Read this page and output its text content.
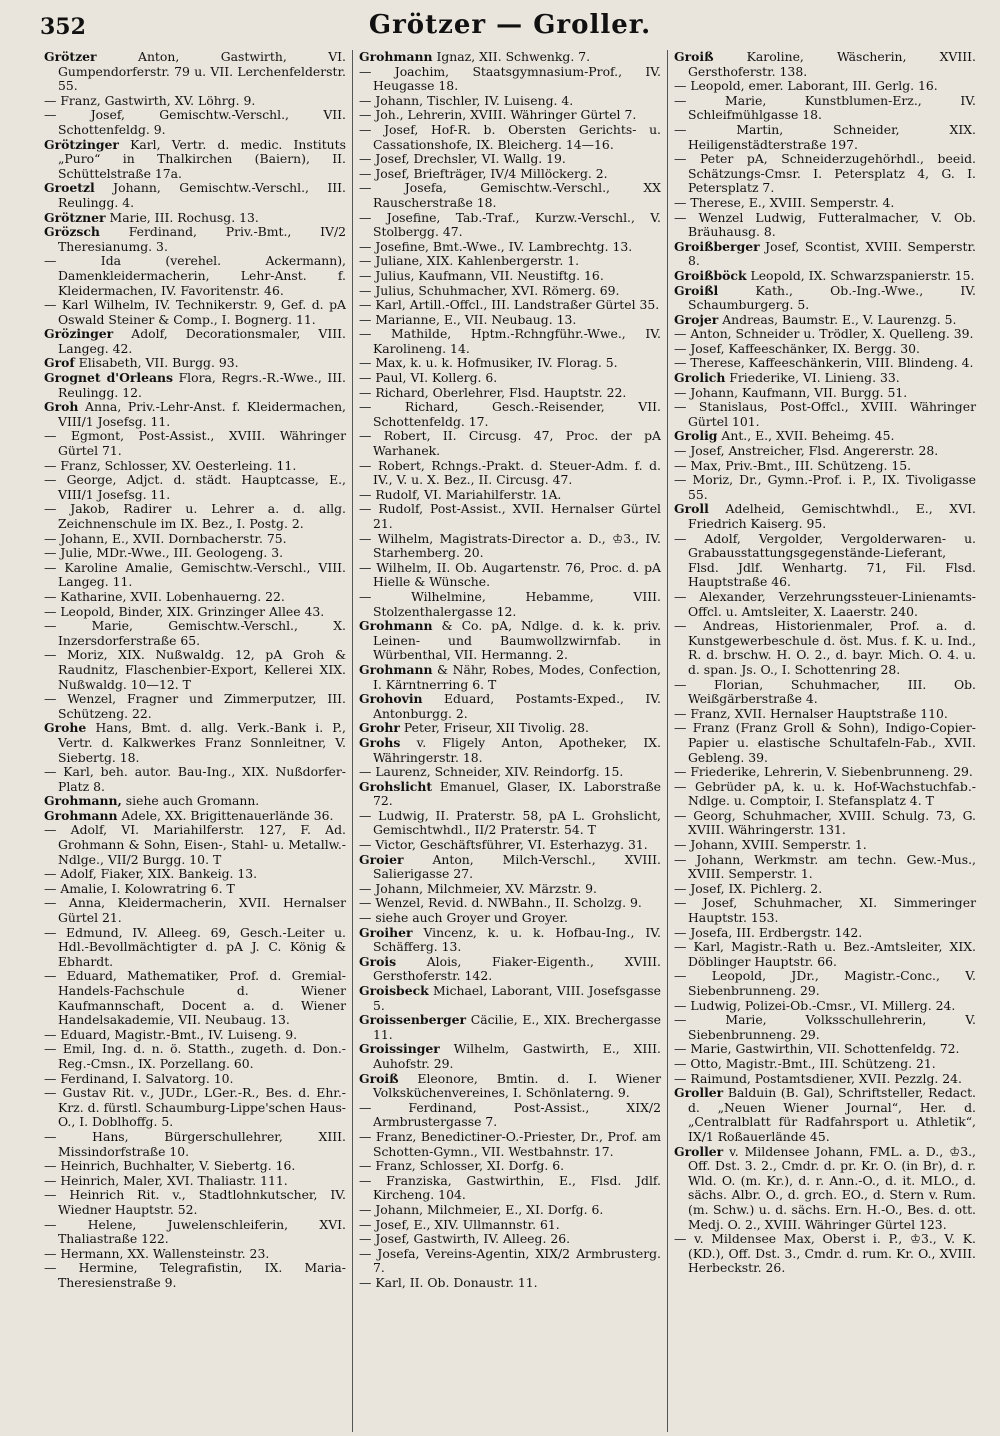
352	Grötzer — Groller.
Grötzer Anton, Gastwirth, VI. Gumpendorferstr. 79 u. VII. Lerchenfelderstr. 55.
— Franz, Gastwirth, XV. Löhrg. 9.
— Josef, Gemischtw.-Verschl., VII. Schottenfeldg. 9.
Grötzinger Karl, Vertr. d. medic. Instituts „Puro“ in Thalkirchen (Baiern), II. Schüttelstraße 17a.
Groetzl Johann, Gemischtw.-Verschl., III. Reulingg. 4.
Grötzner Marie, III. Rochusg. 13.
Grözsch Ferdinand, Priv.-Bmt., IV/2 Theresianumg. 3.
— Ida (verehel. Ackermann), Damenkleidermacherin, Lehr-Anst. f. Kleidermachen, IV. Favoritenstr. 46.
— Karl Wilhelm, IV. Technikerstr. 9, Gef. d. pA Oswald Steiner & Comp., I. Bognerg. 11.
Grözinger Adolf, Decorationsmaler, VIII. Langeg. 42.
Grof Elisabeth, VII. Burgg. 93.
Grognet d'Orleans Flora, Regrs.-R.-Wwe., III. Reulingg. 12.
Groh Anna, Priv.-Lehr-Anst. f. Kleidermachen, VIII/1 Josefsg. 11.
— Egmont, Post-Assist., XVIII. Währinger Gürtel 71.
— Franz, Schlosser, XV. Oesterleing. 11.
— George, Adjct. d. städt. Hauptcasse, E., VIII/1 Josefsg. 11.
— Jakob, Radirer u. Lehrer a. d. allg. Zeichnenschule im IX. Bez., I. Postg. 2.
— Johann, E., XVII. Dornbacherstr. 75.
— Julie, MDr.-Wwe., III. Geologeng. 3.
— Karoline Amalie, Gemischtw.-Verschl., VIII. Langeg. 11.
— Katharine, XVII. Lobenhauerng. 22.
— Leopold, Binder, XIX. Grinzinger Allee 43.
— Marie, Gemischtw.-Verschl., X. Inzersdorferstraße 65.
— Moriz, XIX. Nußwaldg. 12, pA Groh & Raudnitz, Flaschenbier-Export, Kellerei XIX. Nußwaldg. 10—12. T
— Wenzel, Fragner und Zimmerputzer, III. Schützeng. 22.
Grohe Hans, Bmt. d. allg. Verk.-Bank i. P., Vertr. d. Kalkwerkes Franz Sonnleitner, V. Siebertg. 18.
— Karl, beh. autor. Bau-Ing., XIX. Nußdorfer-Platz 8.
Grohmann, siehe auch Gromann.
Grohmann Adele, XX. Brigittenauerlände 36.
— Adolf, VI. Mariahilferstr. 127, F. Ad. Grohmann & Sohn, Eisen-, Stahl- u. Metallw.-Ndlge., VII/2 Burgg. 10. T
— Adolf, Fiaker, XIX. Bankeig. 13.
— Amalie, I. Kolowratring 6. T
— Anna, Kleidermacherin, XVII. Hernalser Gürtel 21.
— Edmund, IV. Alleeg. 69, Gesch.-Leiter u. Hdl.-Bevollmächtigter d. pA J. C. König & Ebhardt.
— Eduard, Mathematiker, Prof. d. Gremial-Handels-Fachschule d. Wiener Kaufmannschaft, Docent a. d. Wiener Handelsakademie, VII. Neubaug. 13.
— Eduard, Magistr.-Bmt., IV. Luiseng. 9.
— Emil, Ing. d. n. ö. Statth., zugeth. d. Don.-Reg.-Cmsn., IX. Porzellang. 60.
— Ferdinand, I. Salvatorg. 10.
— Gustav Rit. v., JUDr., LGer.-R., Bes. d. Ehr.-Krz. d. fürstl. Schaumburg-Lippe'schen Haus-O., I. Doblhoffg. 5.
— Hans, Bürgerschullehrer, XIII. Missindorfstraße 10.
— Heinrich, Buchhalter, V. Siebertg. 16.
— Heinrich, Maler, XVI. Thaliastr. 111.
— Heinrich Rit. v., Stadtlohnkutscher, IV. Wiedner Hauptstr. 52.
— Helene, Juwelenschleiferin, XVI. Thaliastraße 122.
— Hermann, XX. Wallensteinstr. 23.
— Hermine, Telegrafistin, IX. Maria-Theresienstraße 9.
Grohmann Ignaz, XII. Schwenkg. 7.
— Joachim, Staatsgymnasium-Prof., IV. Heugasse 18.
— Johann, Tischler, IV. Luiseng. 4.
— Joh., Lehrerin, XVIII. Währinger Gürtel 7.
— Josef, Hof-R. b. Obersten Gerichts- u. Cassationshofe, IX. Bleicherg. 14—16.
— Josef, Drechsler, VI. Wallg. 19.
— Josef, Briefträger, IV/4 Millöckerg. 2.
— Josefa, Gemischtw.-Verschl., XX Rauscherstraße 18.
— Josefine, Tab.-Traf., Kurzw.-Verschl., V. Stolbergg. 47.
— Josefine, Bmt.-Wwe., IV. Lambrechtg. 13.
— Juliane, XIX. Kahlenbergerstr. 1.
— Julius, Kaufmann, VII. Neustiftg. 16.
— Julius, Schuhmacher, XVI. Römerg. 69.
— Karl, Artill.-Offcl., III. Landstraßer Gürtel 35.
— Marianne, E., VII. Neubaug. 13.
— Mathilde, Hptm.-Rchngführ.-Wwe., IV. Karolineng. 14.
— Max, k. u. k. Hofmusiker, IV. Florag. 5.
— Paul, VI. Kollerg. 6.
— Richard, Oberlehrer, Flsd. Hauptstr. 22.
— Richard, Gesch.-Reisender, VII. Schottenfeldg. 17.
— Robert, II. Circusg. 47, Proc. der pA Warhanek.
— Robert, Rchngs.-Prakt. d. Steuer-Adm. f. d. IV., V. u. X. Bez., II. Circusg. 47.
— Rudolf, VI. Mariahilferstr. 1A.
— Rudolf, Post-Assist., XVII. Hernalser Gürtel 21.
— Wilhelm, Magistrats-Director a. D., ♔3., IV. Starhemberg. 20.
— Wilhelm, II. Ob. Augartenstr. 76, Proc. d. pA Hielle & Wünsche.
— Wilhelmine, Hebamme, VIII. Stolzenthalergasse 12.
Grohmann & Co. pA, Ndlge. d. k. k. priv. Leinen- und Baumwollzwirnfab. in Würbenthal, VII. Hermanng. 2.
Grohmann & Nähr, Robes, Modes, Confection, I. Kärntnerring 6. T
Grohovin Eduard, Postamts-Exped., IV. Antonburgg. 2.
Grohr Peter, Friseur, XII Tivolig. 28.
Grohs v. Fligely Anton, Apotheker, IX. Währingerstr. 18.
— Laurenz, Schneider, XIV. Reindorfg. 15.
Grohslicht Emanuel, Glaser, IX. Laborstraße 72.
— Ludwig, II. Praterstr. 58, pA L. Grohslicht, Gemischtwhdl., II/2 Praterstr. 54. T
— Victor, Geschäftsführer, VI. Esterhazyg. 31.
Groier Anton, Milch-Verschl., XVIII. Salierigasse 27.
— Johann, Milchmeier, XV. Märzstr. 9.
— Wenzel, Revid. d. NWBahn., II. Scholzg. 9.
— siehe auch Groyer und Groyer.
Groiher Vincenz, k. u. k. Hofbau-Ing., IV. Schäfferg. 13.
Grois Alois, Fiaker-Eigenth., XVIII. Gersthoferstr. 142.
Groisbeck Michael, Laborant, VIII. Josefsgasse 5.
Groissenberger Cäcilie, E., XIX. Brechergasse 11.
Groissinger Wilhelm, Gastwirth, E., XIII. Auhofstr. 29.
Groiß Eleonore, Bmtin. d. I. Wiener Volksküchenvereines, I. Schönlaterng. 9.
— Ferdinand, Post-Assist., XIX/2 Armbrustergasse 7.
— Franz, Benedictiner-O.-Priester, Dr., Prof. am Schotten-Gymn., VII. Westbahnstr. 17.
— Franz, Schlosser, XI. Dorfg. 6.
— Franziska, Gastwirthin, E., Flsd. Jdlf. Kircheng. 104.
— Johann, Milchmeier, E., XI. Dorfg. 6.
— Josef, E., XIV. Ullmannstr. 61.
— Josef, Gastwirth, IV. Alleeg. 26.
— Josefa, Vereins-Agentin, XIX/2 Armbrusterg. 7.
— Karl, II. Ob. Donaustr. 11.
Groiß Karoline, Wäscherin, XVIII. Gersthoferstr. 138.
— Leopold, emer. Laborant, III. Gerlg. 16.
— Marie, Kunstblumen-Erz., IV. Schleifmühlgasse 18.
— Martin, Schneider, XIX. Heiligenstädterstraße 197.
— Peter pA, Schneiderzugehörhdl., beeid. Schätzungs-Cmsr. I. Petersplatz 4, G. I. Petersplatz 7.
— Therese, E., XVIII. Semperstr. 4.
— Wenzel Ludwig, Futteralmacher, V. Ob. Bräuhausg. 8.
Groißberger Josef, Scontist, XVIII. Semperstr. 8.
Groißböck Leopold, IX. Schwarzspanierstr. 15.
Groißl Kath., Ob.-Ing.-Wwe., IV. Schaumburgerg. 5.
Grojer Andreas, Baumstr. E., V. Laurenzg. 5.
— Anton, Schneider u. Trödler, X. Quelleng. 39.
— Josef, Kaffeeschänker, IX. Bergg. 30.
— Therese, Kaffeeschänkerin, VIII. Blindeng. 4.
Grolich Friederike, VI. Linieng. 33.
— Johann, Kaufmann, VII. Burgg. 51.
— Stanislaus, Post-Offcl., XVIII. Währinger Gürtel 101.
Grolig Ant., E., XVII. Beheimg. 45.
— Josef, Anstreicher, Flsd. Angererstr. 28.
— Max, Priv.-Bmt., III. Schützeng. 15.
— Moriz, Dr., Gymn.-Prof. i. P., IX. Tivoligasse 55.
Groll Adelheid, Gemischtwhdl., E., XVI. Friedrich Kaiserg. 95.
— Adolf, Vergolder, Vergolderwaren- u. Grabausstattungsgegenstände-Lieferant, Flsd. Jdlf. Wenhartg. 71, Fil. Flsd. Hauptstraße 46.
— Alexander, Verzehrungssteuer-Linienamts-Offcl. u. Amtsleiter, X. Laaerstr. 240.
— Andreas, Historienmaler, Prof. a. d. Kunstgewerbeschule d. öst. Mus. f. K. u. Ind., R. d. brschw. H. O. 2., d. bayr. Mich. O. 4. u. d. span. Js. O., I. Schottenring 28.
— Florian, Schuhmacher, III. Ob. Weißgärberstraße 4.
— Franz, XVII. Hernalser Hauptstraße 110.
— Franz (Franz Groll & Sohn), Indigo-Copier-Papier u. elastische Schultafeln-Fab., XVII. Gebleng. 39.
— Friederike, Lehrerin, V. Siebenbrunneng. 29.
— Gebrüder pA, k. u. k. Hof-Wachstuchfab.-Ndlge. u. Comptoir, I. Stefansplatz 4. T
— Georg, Schuhmacher, XVIII. Schulg. 73, G. XVIII. Währingerstr. 131.
— Johann, XVIII. Semperstr. 1.
— Johann, Werkmstr. am techn. Gew.-Mus., XVIII. Semperstr. 1.
— Josef, IX. Pichlerg. 2.
— Josef, Schuhmacher, XI. Simmeringer Hauptstr. 153.
— Josefa, III. Erdbergstr. 142.
— Karl, Magistr.-Rath u. Bez.-Amtsleiter, XIX. Döblinger Hauptstr. 66.
— Leopold, JDr., Magistr.-Conc., V. Siebenbrunneng. 29.
— Ludwig, Polizei-Ob.-Cmsr., VI. Millerg. 24.
— Marie, Volksschullehrerin, V. Siebenbrunneng. 29.
— Marie, Gastwirthin, VII. Schottenfeldg. 72.
— Otto, Magistr.-Bmt., III. Schützeng. 21.
— Raimund, Postamtsdiener, XVII. Pezzlg. 24.
Groller Balduin (B. Gal), Schriftsteller, Redact. d. „Neuen Wiener Journal“, Her. d. „Centralblatt für Radfahrsport u. Athletik“, IX/1 Roßauerlände 45.
Groller v. Mildensee Johann, FML. a. D., ♔3., Off. Dst. 3. 2., Cmdr. d. pr. Kr. O. (in Br), d. r. Wld. O. (m. Kr.), d. r. Ann.-O., d. it. MLO., d. sächs. Albr. O., d. grch. EO., d. Stern v. Rum. (m. Schw.) u. d. sächs. Ern. H.-O., Bes. d. ott. Medj. O. 2., XVIII. Währinger Gürtel 123.
— v. Mildensee Max, Oberst i. P., ♔3., V. K. (KD.), Off. Dst. 3., Cmdr. d. rum. Kr. O., XVIII. Herbeckstr. 26.
